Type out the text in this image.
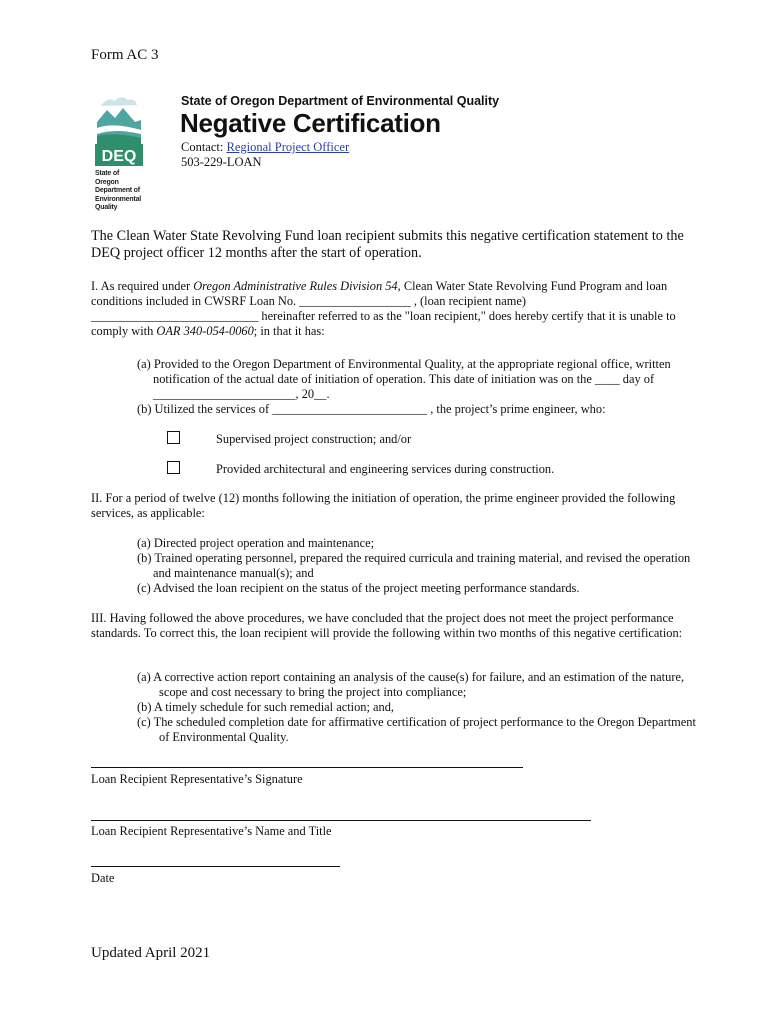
Form AC 3
DEQ
State of Oregon
Department of
Environmental
Quality
State of Oregon Department of Environmental Quality
Negative Certification
Contact: Regional Project Officer
503-229-LOAN
The Clean Water State Revolving Fund loan recipient submits this negative certification statement to the DEQ project officer 12 months after the start of operation.
I. As required under Oregon Administrative Rules Division 54, Clean Water State Revolving Fund Program and loan conditions included in CWSRF Loan No. __________________ , (loan recipient name) ___________________________ hereinafter referred to as the "loan recipient," does hereby certify that it is unable to comply with OAR 340-054-0060; in that it has:
(a) Provided to the Oregon Department of Environmental Quality, at the appropriate regional office, written notification of the actual date of initiation of operation. This date of initiation was on the ____ day of _______________________, 20__.
(b) Utilized the services of _________________________ , the project’s prime engineer, who:
Supervised project construction; and/or
Provided architectural and engineering services during construction.
II. For a period of twelve (12) months following the initiation of operation, the prime engineer provided the following services, as applicable:
(a) Directed project operation and maintenance;
(b) Trained operating personnel, prepared the required curricula and training material, and revised the operation and maintenance manual(s); and
(c) Advised the loan recipient on the status of the project meeting performance standards.
III. Having followed the above procedures, we have concluded that the project does not meet the project performance standards. To correct this, the loan recipient will provide the following within two months of this negative certification:
(a) A corrective action report containing an analysis of the cause(s) for failure, and an estimation of the nature, scope and cost necessary to bring the project into compliance;
(b) A timely schedule for such remedial action; and,
(c) The scheduled completion date for affirmative certification of project performance to the Oregon Department of Environmental Quality.
Loan Recipient Representative’s Signature
Loan Recipient Representative’s Name and Title
Date
Updated April 2021
